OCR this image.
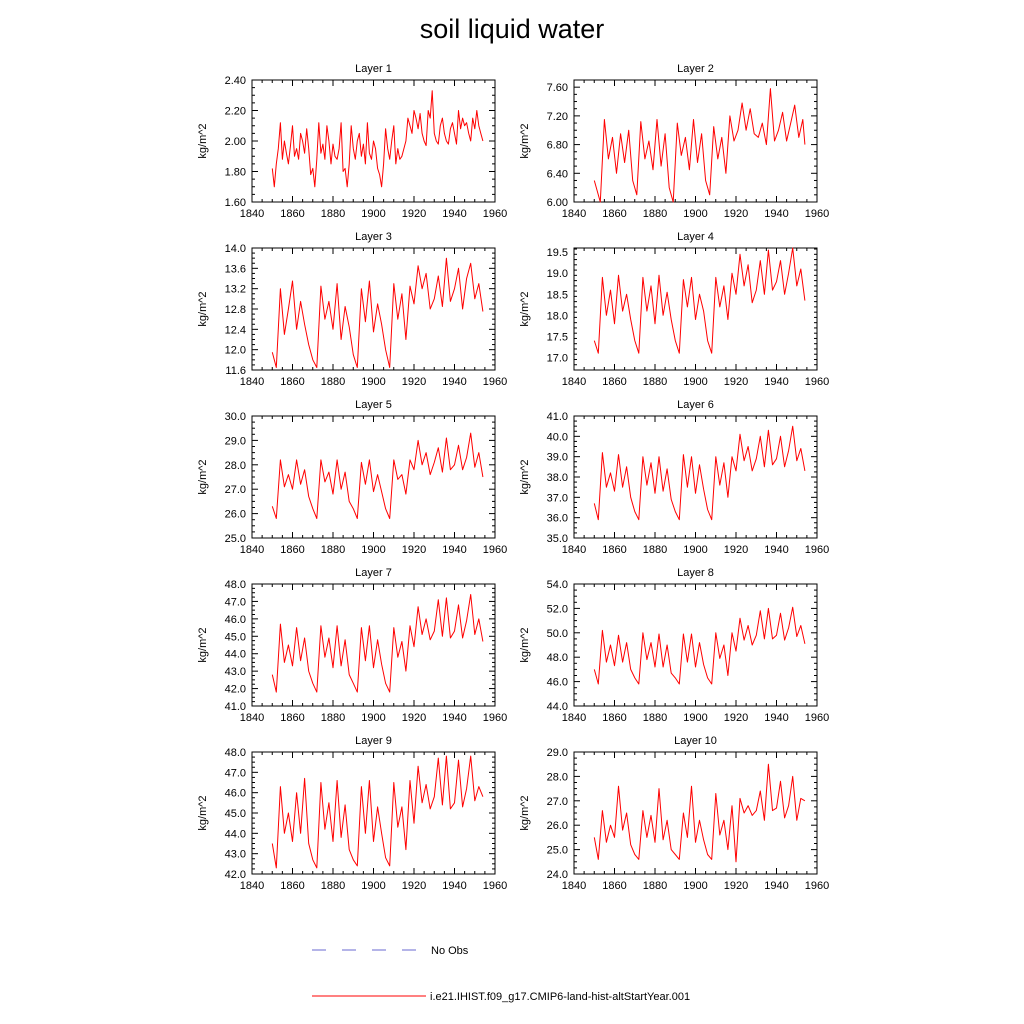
soil liquid water
Layer 1
kg/m^2
1840 1860 1880 1900 1920 1940 1960
1.60
1.80
2.00
2.20
2.40
Layer 2
kg/m^2
1840 1860 1880 1900 1920 1940 1960
6.00
6.40
6.80
7.20
7.60
Layer 3
kg/m^2
1840 1860 1880 1900 1920 1940 1960
11.6
12.0
12.4
12.8
13.2
13.6
14.0
Layer 4
kg/m^2
1840 1860 1880 1900 1920 1940 1960
17.0
17.5
18.0
18.5
19.0
19.5
Layer 5
kg/m^2
1840 1860 1880 1900 1920 1940 1960
25.0
26.0
27.0
28.0
29.0
30.0
Layer 6
kg/m^2
1840 1860 1880 1900 1920 1940 1960
35.0
36.0
37.0
38.0
39.0
40.0
41.0
Layer 7
kg/m^2
1840 1860 1880 1900 1920 1940 1960
41.0
42.0
43.0
44.0
45.0
46.0
47.0
48.0
Layer 8
kg/m^2
1840 1860 1880 1900 1920 1940 1960
44.0
46.0
48.0
50.0
52.0
54.0
Layer 9
kg/m^2
1840 1860 1880 1900 1920 1940 1960
42.0
43.0
44.0
45.0
46.0
47.0
48.0
Layer 10
kg/m^2
1840 1860 1880 1900 1920 1940 1960
24.0
25.0
26.0
27.0
28.0
29.0
No Obs
i.e21.IHIST.f09_g17.CMIP6-land-hist-altStartYear.001
